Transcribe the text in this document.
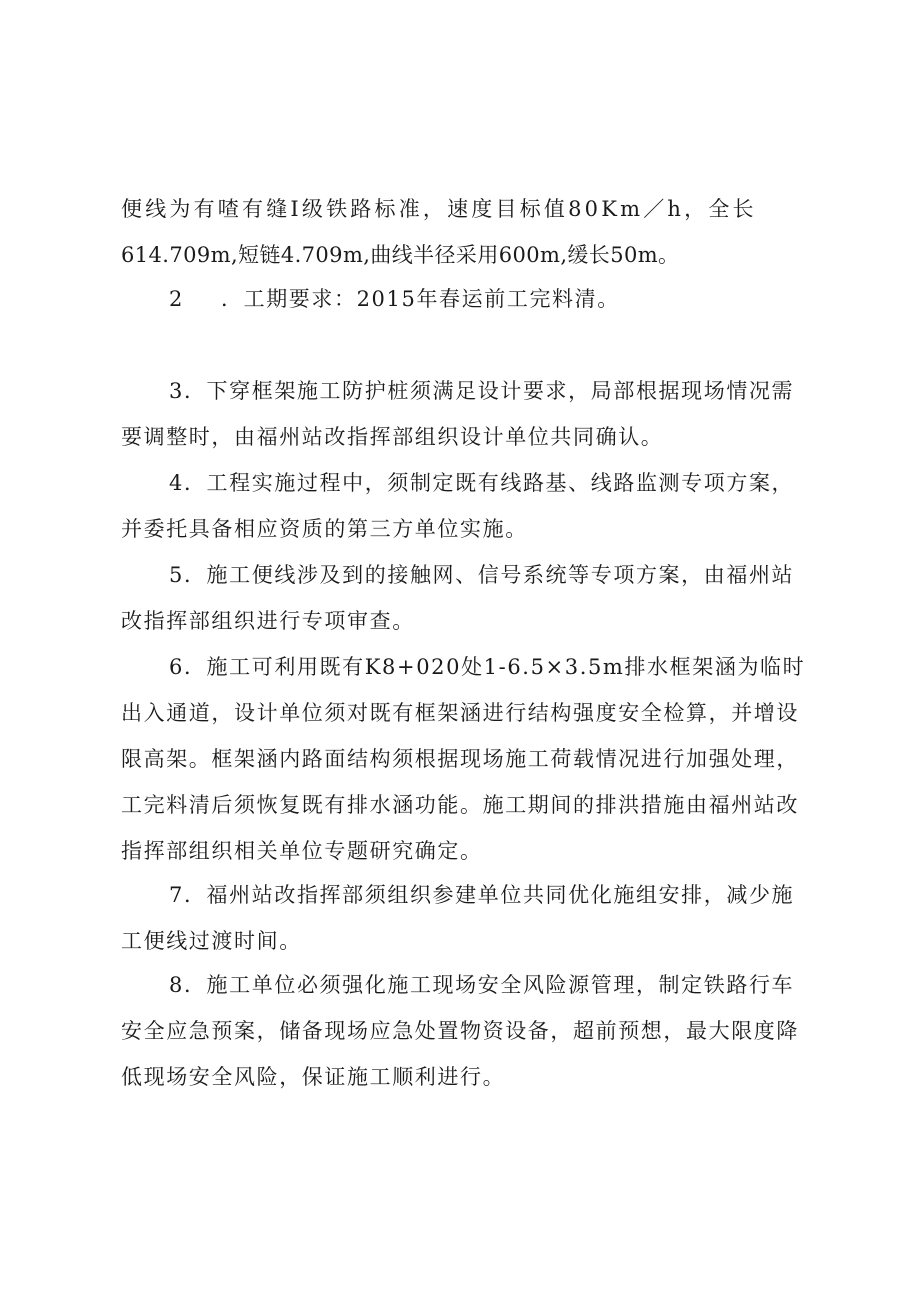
便线为有喳有缝Ⅰ级铁路标准，速度目标值80Km／h，全长
614.709m,短链4.709m,曲线半径采用600m,缓长50m。
2 ．工期要求：2015年春运前工完料清。
3．下穿框架施工防护桩须满足设计要求，局部根据现场情况需
要调整时，由福州站改指挥部组织设计单位共同确认。
4．工程实施过程中，须制定既有线路基、线路监测专项方案，
并委托具备相应资质的第三方单位实施。
5．施工便线涉及到的接触网、信号系统等专项方案，由福州站
改指挥部组织进行专项审查。
6．施工可利用既有K8+020处1-6.5×3.5m排水框架涵为临时
出入通道，设计单位须对既有框架涵进行结构强度安全检算，并增设
限高架。框架涵内路面结构须根据现场施工荷载情况进行加强处理，
工完料清后须恢复既有排水涵功能。施工期间的排洪措施由福州站改
指挥部组织相关单位专题研究确定。
7．福州站改指挥部须组织参建单位共同优化施组安排，减少施
工便线过渡时间。
8．施工单位必须强化施工现场安全风险源管理，制定铁路行车
安全应急预案，储备现场应急处置物资设备，超前预想，最大限度降
低现场安全风险，保证施工顺利进行。
